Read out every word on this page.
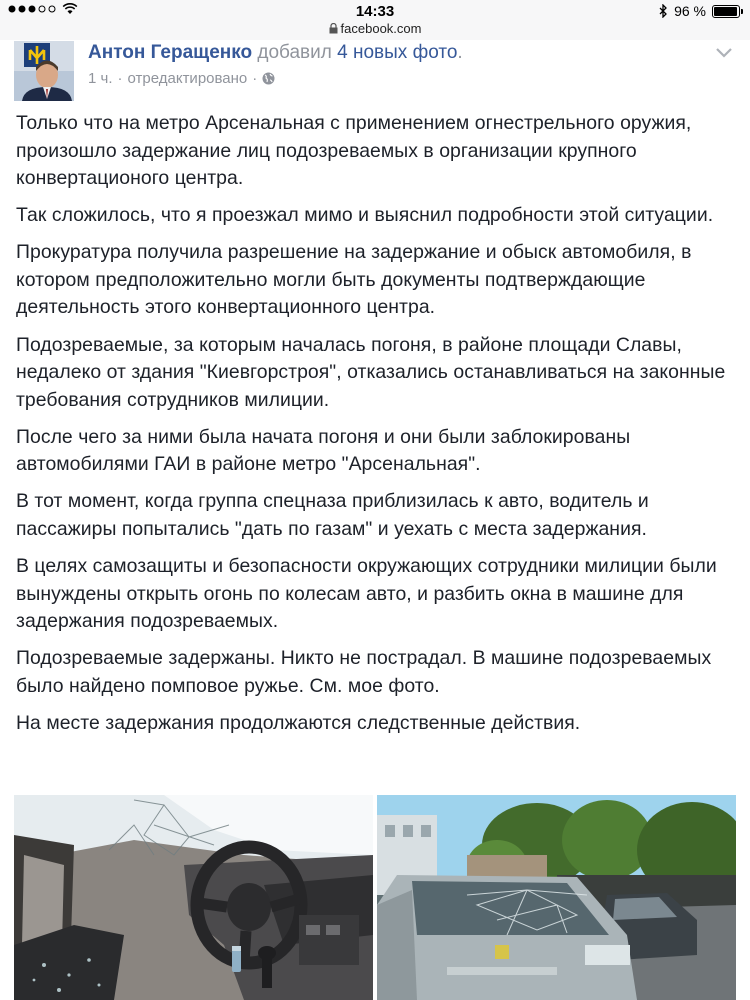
14:33	96 %
facebook.com
Антон Геращенко добавил 4 новых фото.
1 ч. · отредактировано ·

Только что на метро Арсенальная с применением огнестрельного оружия, произошло задержание лиц подозреваемых в организации крупного конвертационого центра.

Так сложилось, что я проезжал мимо и выяснил подробности этой ситуации.

Прокуратура получила разрешение на задержание и обыск автомобиля, в котором предположительно могли быть документы подтверждающие деятельность этого конвертационного центра.

Подозреваемые, за которым началась погоня, в районе площади Славы, недалеко от здания "Киевгорстроя", отказались останавливаться на законные требования сотрудников милиции.

После чего за ними была начата погоня и они были заблокированы автомобилями ГАИ в районе метро "Арсенальная".

В тот момент, когда группа спецназа приблизилась к авто, водитель и пассажиры попытались "дать по газам" и уехать с места задержания.

В целях самозащиты и безопасности окружающих сотрудники милиции были вынуждены открыть огонь по колесам авто, и разбить окна в машине для задержания подозреваемых.

Подозреваемые задержаны. Никто не пострадал. В машине подозреваемых было найдено помповое ружье. См. мое фото.

На месте задержания продолжаются следственные действия.
